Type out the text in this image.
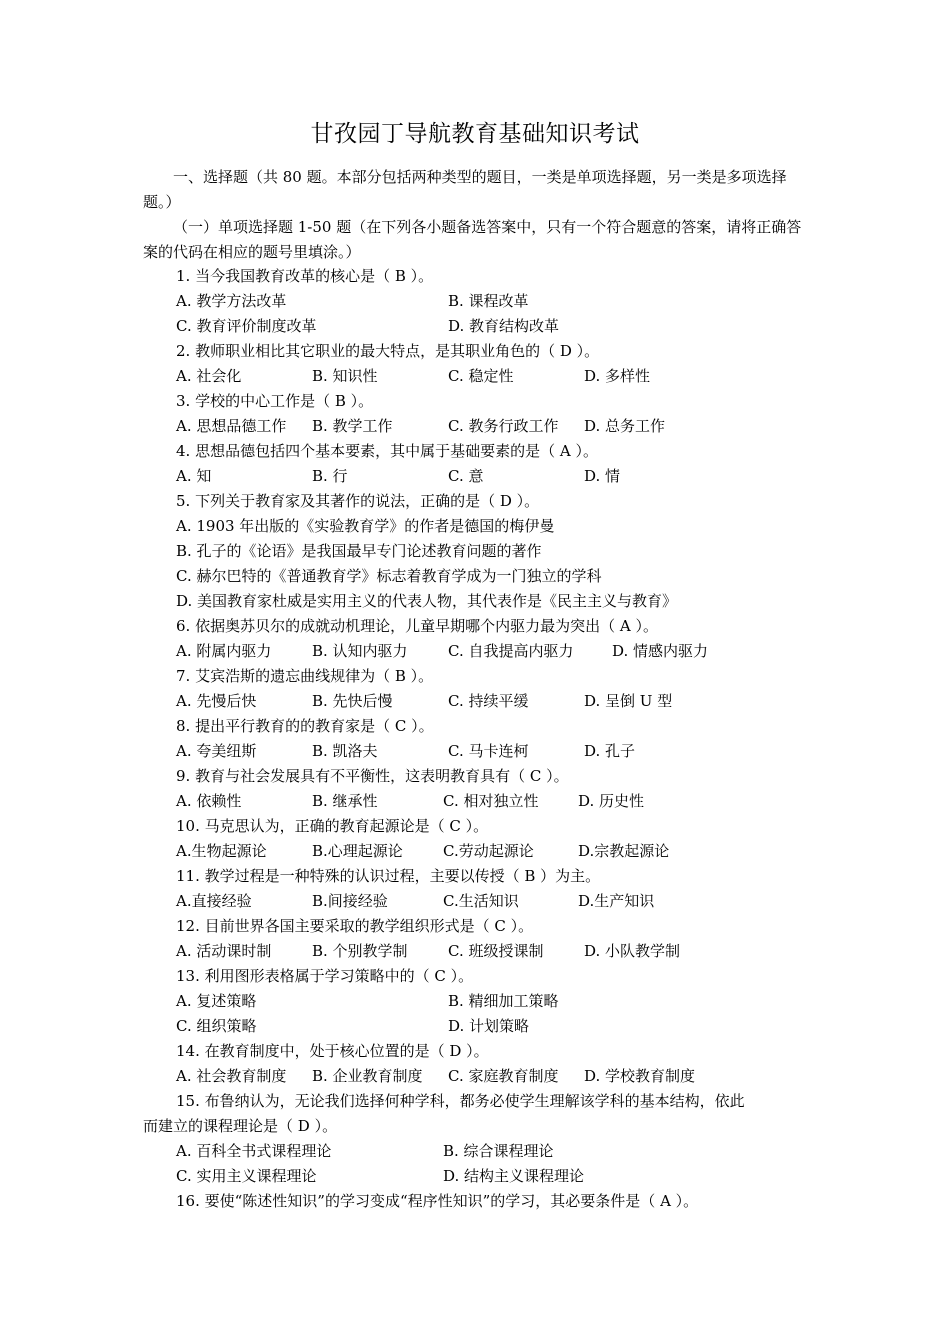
甘孜园丁导航教育基础知识考试
一、选择题（共 80 题。本部分包括两种类型的题目，一类是单项选择题，另一类是多项选择题。）
（一）单项选择题 1-50 题（在下列各小题备选答案中，只有一个符合题意的答案，请将正确答案的代码在相应的题号里填涂。）
1. 当今我国教育改革的核心是（ B ）。
A. 教学方法改革	B. 课程改革
C. 教育评价制度改革	D. 教育结构改革
2. 教师职业相比其它职业的最大特点，是其职业角色的（ D ）。
A. 社会化	B. 知识性	C. 稳定性	D. 多样性
3. 学校的中心工作是（ B ）。
A. 思想品德工作 B. 教学工作	C. 教务行政工作 D. 总务工作
4. 思想品德包括四个基本要素，其中属于基础要素的是（ A ）。
A. 知	B. 行	C. 意	D. 情
5. 下列关于教育家及其著作的说法，正确的是（ D ）。
A. 1903 年出版的《实验教育学》的作者是德国的梅伊曼
B. 孔子的《论语》是我国最早专门论述教育问题的著作
C. 赫尔巴特的《普通教育学》标志着教育学成为一门独立的学科
D. 美国教育家杜威是实用主义的代表人物，其代表作是《民主主义与教育》
6. 依据奥苏贝尔的成就动机理论，儿童早期哪个内驱力最为突出（ A ）。
A. 附属内驱力	B. 认知内驱力	C. 自我提高内驱力	D. 情感内驱力
7. 艾宾浩斯的遗忘曲线规律为（ B ）。
A. 先慢后快	B. 先快后慢	C. 持续平缓	D. 呈倒 U 型
8. 提出平行教育的的教育家是（ C ）。
A. 夸美纽斯	B. 凯洛夫	C. 马卡连柯	D. 孔子
9. 教育与社会发展具有不平衡性，这表明教育具有（ C ）。
A. 依赖性	B. 继承性	C. 相对独立性	D. 历史性
10. 马克思认为，正确的教育起源论是（ C ）。
A.生物起源论	B.心理起源论	C.劳动起源论	D.宗教起源论
11. 教学过程是一种特殊的认识过程，主要以传授（ B ）为主。
A.直接经验	B.间接经验	C.生活知识	D.生产知识
12. 目前世界各国主要采取的教学组织形式是（ C ）。
A. 活动课时制	B. 个别教学制	C. 班级授课制	D. 小队教学制
13. 利用图形表格属于学习策略中的（ C ）。
A. 复述策略	B. 精细加工策略
C. 组织策略	D. 计划策略
14. 在教育制度中，处于核心位置的是（ D ）。
A. 社会教育制度 B. 企业教育制度 C. 家庭教育制度 D. 学校教育制度
15. 布鲁纳认为，无论我们选择何种学科，都务必使学生理解该学科的基本结构，依此
而建立的课程理论是（ D ）。
A. 百科全书式课程理论	B. 综合课程理论
C. 实用主义课程理论	D. 结构主义课程理论
16. 要使“陈述性知识”的学习变成“程序性知识”的学习，其必要条件是（ A ）。
